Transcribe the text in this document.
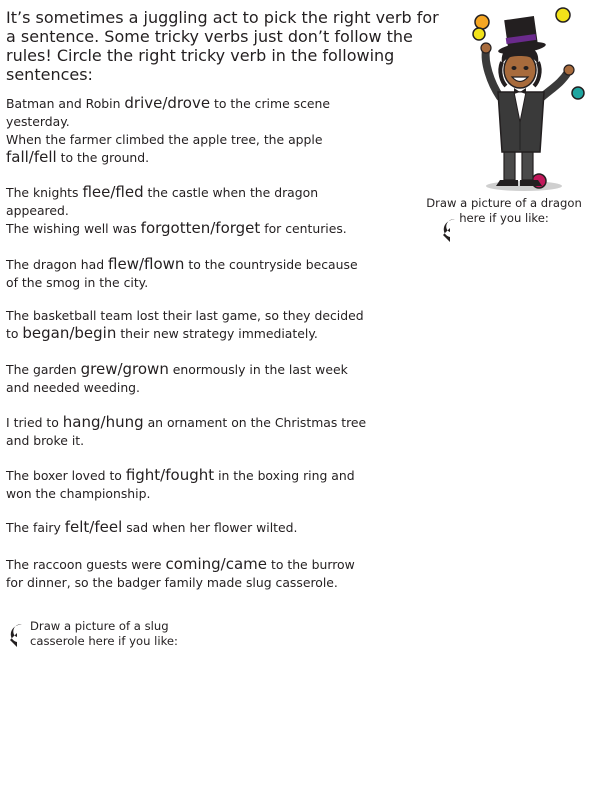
It’s sometimes a juggling act to pick the right verb for a sentence. Some tricky verbs just don’t follow the rules! Circle the right tricky verb in the following sentences:

Batman and Robin drive/drove to the crime scene yesterday.

When the farmer climbed the apple tree, the apple fall/fell to the ground.

The knights flee/fled the castle when the dragon appeared.

The wishing well was forgotten/forget for centuries.

The dragon had flew/flown to the countryside because of the smog in the city.

The basketball team lost their last game, so they decided to began/begin their new strategy immediately.

The garden grew/grown enormously in the last week and needed weeding.

I tried to hang/hung an ornament on the Christmas tree and broke it.

The boxer loved to fight/fought in the boxing ring and won the championship.

The fairy felt/feel sad when her flower wilted.

The raccoon guests were coming/came to the burrow for dinner, so the badger family made slug casserole.

Draw a picture of a dragon
here if you like:

Draw a picture of a slug
casserole here if you like:
